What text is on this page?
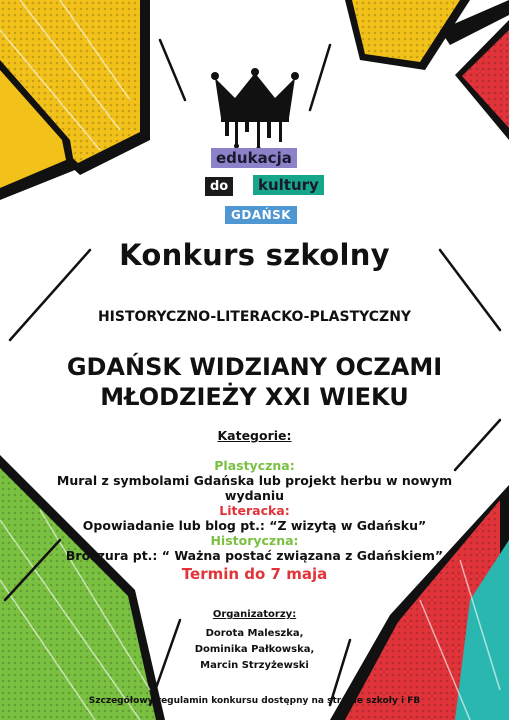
edukacja
do	kultury
GDAŃSK
Konkurs szkolny
HISTORYCZNO-LITERACKO-PLASTYCZNY
GDAŃSK WIDZIANY OCZAMI
MŁODZIEŻY XXI WIEKU
Kategorie:
Plastyczna:
Mural z symbolami Gdańska lub projekt herbu w nowym
wydaniu
Literacka:
Opowiadanie lub blog pt.: “Z wizytą w Gdańsku”
Historyczna:
Broszura pt.: “ Ważna postać związana z Gdańskiem”
Termin do 7 maja
Organizatorzy:
Dorota Maleszka,
Dominika Pałkowska,
Marcin Strzyżewski
Szczegółowy regulamin konkursu dostępny na stronie szkoły i FB
